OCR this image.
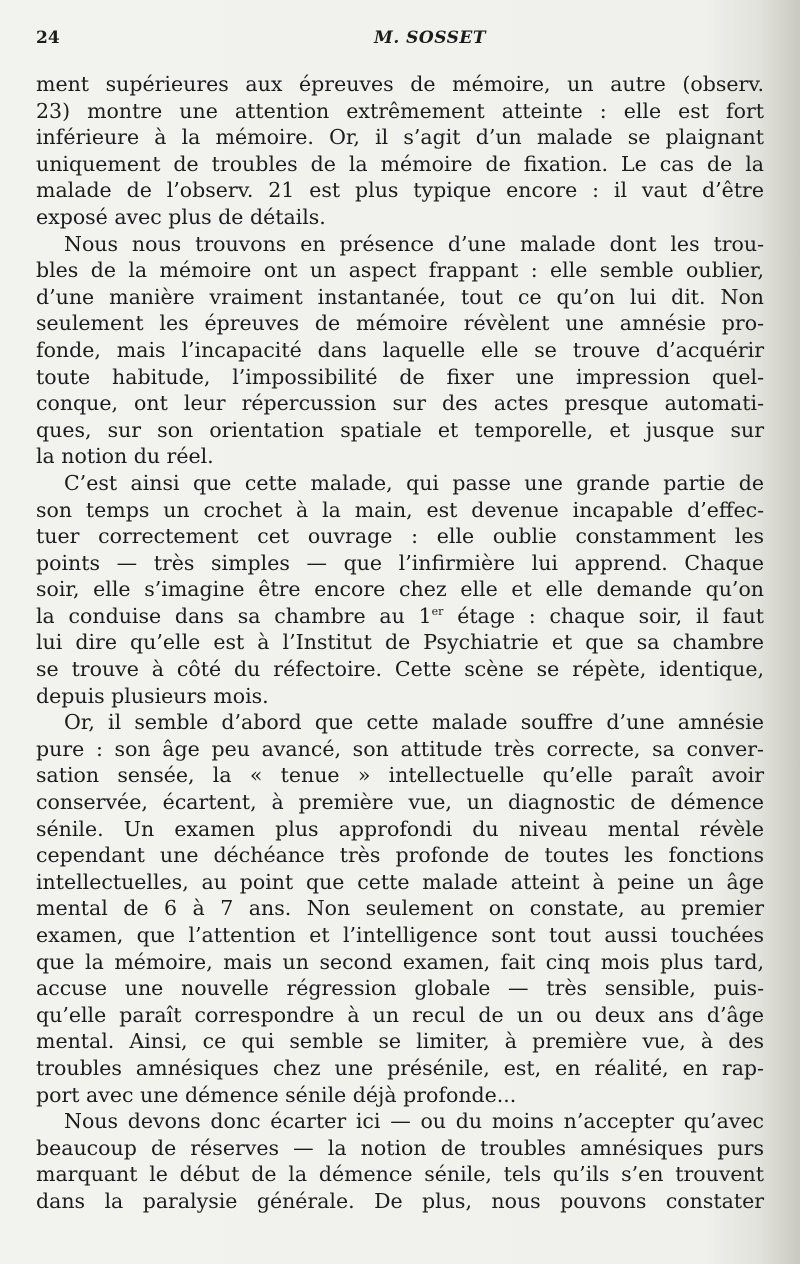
24	M. SOSSET
ment supérieures aux épreuves de mémoire, un autre (observ.
23) montre une attention extrêmement atteinte : elle est fort
inférieure à la mémoire. Or, il s’agit d’un malade se plaignant
uniquement de troubles de la mémoire de fixation. Le cas de la
malade de l’observ. 21 est plus typique encore : il vaut d’être
exposé avec plus de détails.
Nous nous trouvons en présence d’une malade dont les trou-
bles de la mémoire ont un aspect frappant : elle semble oublier,
d’une manière vraiment instantanée, tout ce qu’on lui dit. Non
seulement les épreuves de mémoire révèlent une amnésie pro-
fonde, mais l’incapacité dans laquelle elle se trouve d’acquérir
toute habitude, l’impossibilité de fixer une impression quel-
conque, ont leur répercussion sur des actes presque automati-
ques, sur son orientation spatiale et temporelle, et jusque sur
la notion du réel.
C’est ainsi que cette malade, qui passe une grande partie de
son temps un crochet à la main, est devenue incapable d’effec-
tuer correctement cet ouvrage : elle oublie constamment les
points — très simples — que l’infirmière lui apprend. Chaque
soir, elle s’imagine être encore chez elle et elle demande qu’on
la conduise dans sa chambre au 1er étage : chaque soir, il faut
lui dire qu’elle est à l’Institut de Psychiatrie et que sa chambre
se trouve à côté du réfectoire. Cette scène se répète, identique,
depuis plusieurs mois.
Or, il semble d’abord que cette malade souffre d’une amnésie
pure : son âge peu avancé, son attitude très correcte, sa conver-
sation sensée, la « tenue » intellectuelle qu’elle paraît avoir
conservée, écartent, à première vue, un diagnostic de démence
sénile. Un examen plus approfondi du niveau mental révèle
cependant une déchéance très profonde de toutes les fonctions
intellectuelles, au point que cette malade atteint à peine un âge
mental de 6 à 7 ans. Non seulement on constate, au premier
examen, que l’attention et l’intelligence sont tout aussi touchées
que la mémoire, mais un second examen, fait cinq mois plus tard,
accuse une nouvelle régression globale — très sensible, puis-
qu’elle paraît correspondre à un recul de un ou deux ans d’âge
mental. Ainsi, ce qui semble se limiter, à première vue, à des
troubles amnésiques chez une présénile, est, en réalité, en rap-
port avec une démence sénile déjà profonde...
Nous devons donc écarter ici — ou du moins n’accepter qu’avec
beaucoup de réserves — la notion de troubles amnésiques purs
marquant le début de la démence sénile, tels qu’ils s’en trouvent
dans la paralysie générale. De plus, nous pouvons constater
